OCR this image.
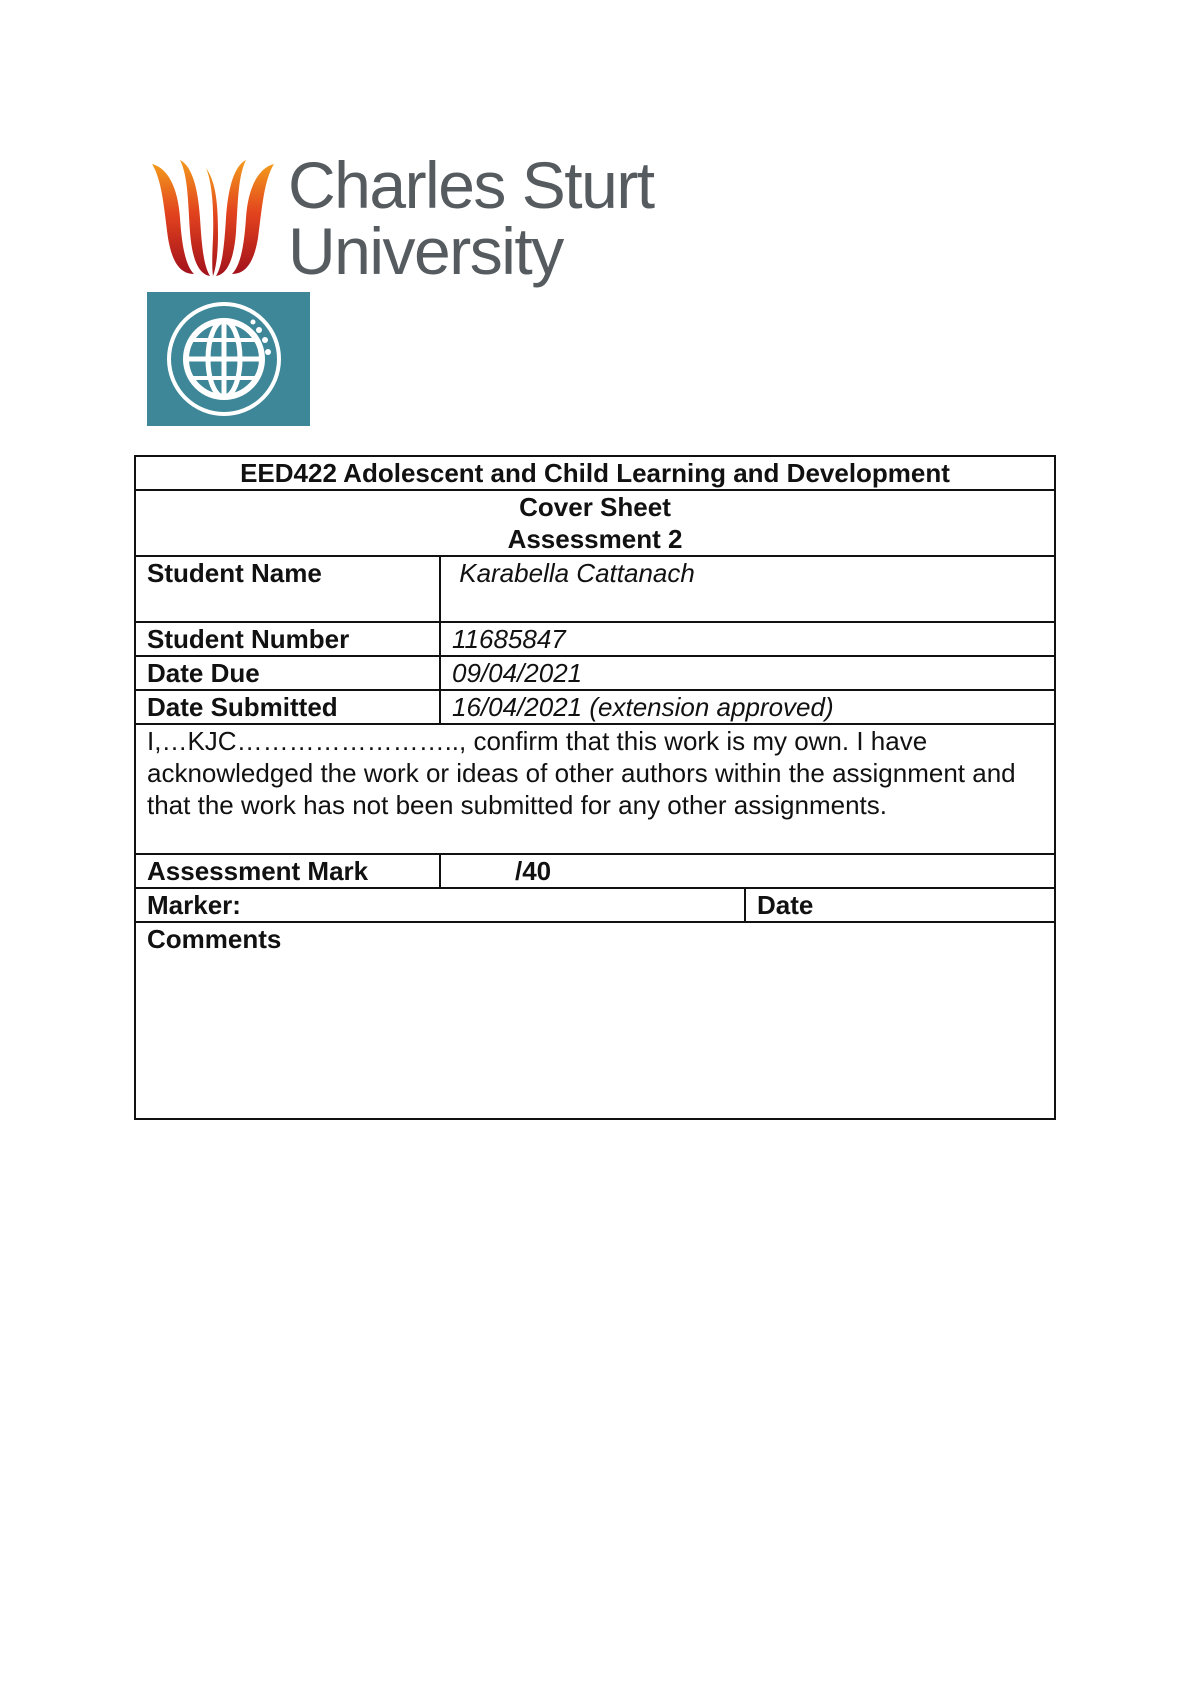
Charles Sturt
University
EED422 Adolescent and Child Learning and Development		

Cover Sheet
Assessment 2		

Student Name	Karabella Cattanach	
Student Number	11685847	
Date Due	09/04/2021	
Date Submitted	16/04/2021 (extension approved)	
I,…KJC…………………….., confirm that this work is my own. I have acknowledged the work or ideas of other authors within the assignment and that the work has not been submitted for any other assignments.		
Assessment Mark	/40	
Marker:		Date
Comments		
